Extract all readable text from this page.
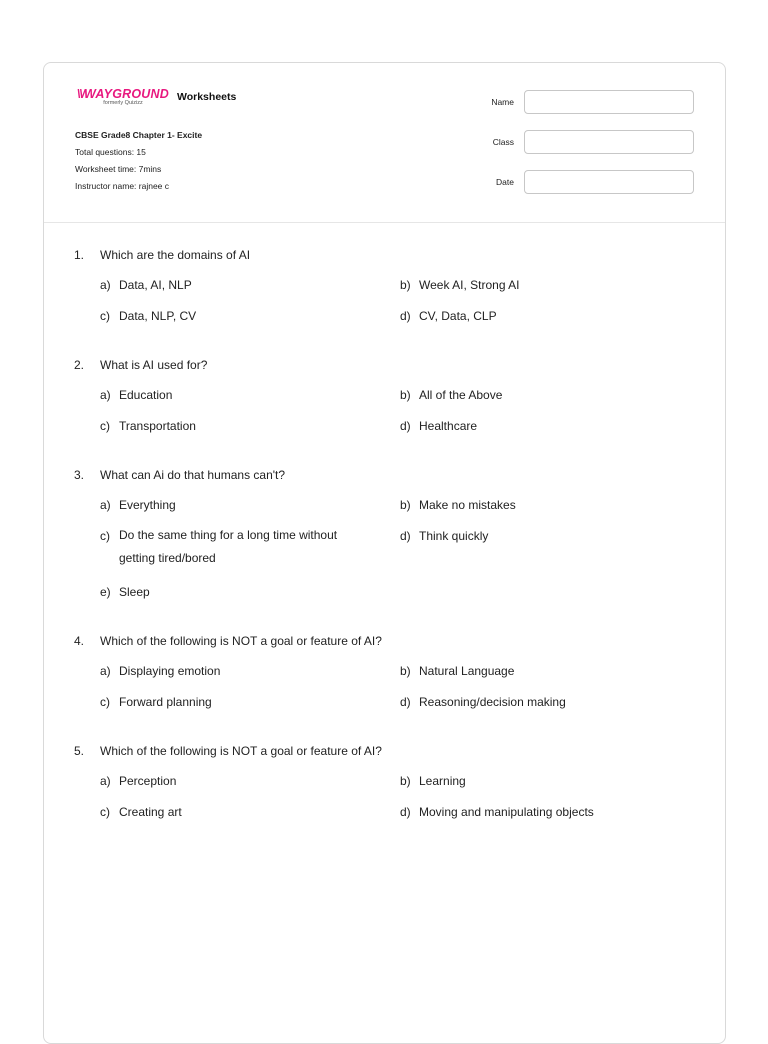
\\/ WAYGROUND
formerly Quizizz	Worksheets
CBSE Grade8 Chapter 1- Excite
Total questions: 15
Worksheet time: 7mins
Instructor name: rajnee c
Name
Class
Date
1.	Which are the domains of AI
a) Data, AI, NLP	b) Week AI, Strong AI
c) Data, NLP, CV	d) CV, Data, CLP
2.	What is AI used for?
a) Education	b) All of the Above
c) Transportation	d) Healthcare
3.	What can Ai do that humans can't?
a) Everything	b) Make no mistakes
c) Do the same thing for a long time without getting tired/bored
d) Think quickly
e) Sleep
4.	Which of the following is NOT a goal or feature of AI?
a) Displaying emotion	b) Natural Language
c) Forward planning	d) Reasoning/decision making
5.	Which of the following is NOT a goal or feature of AI?
a) Perception	b) Learning
c) Creating art	d) Moving and manipulating objects
